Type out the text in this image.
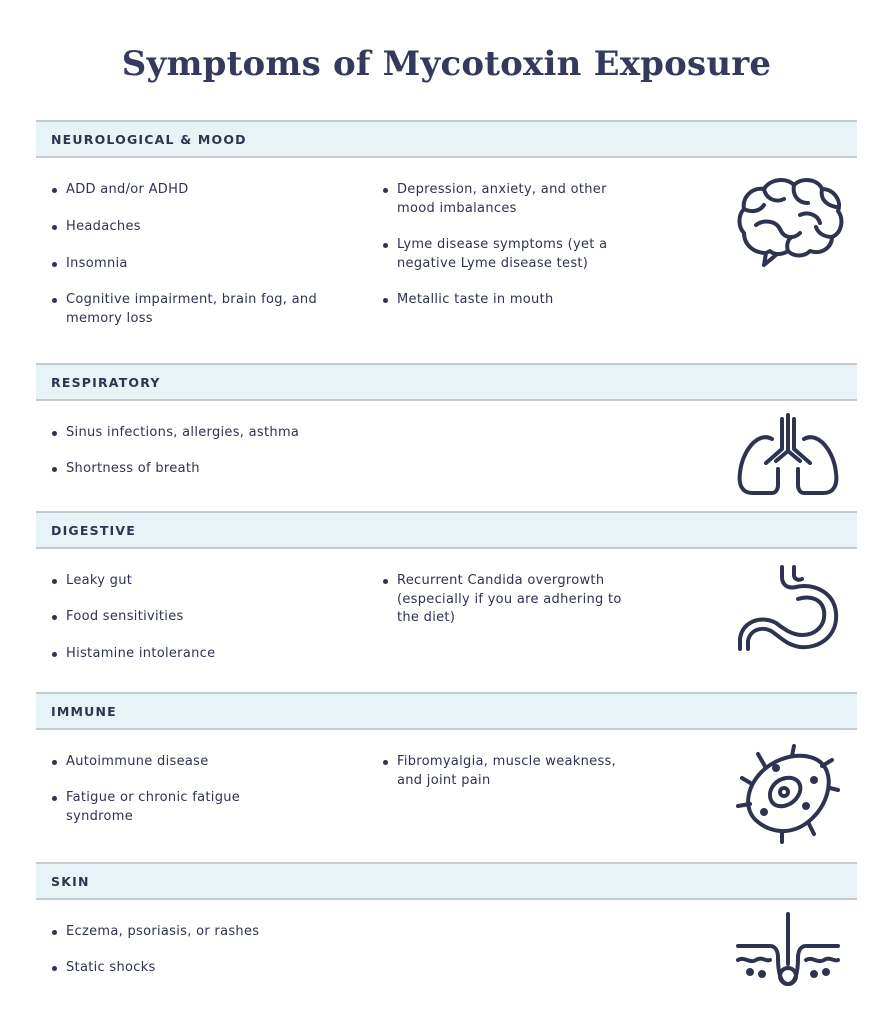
Symptoms of Mycotoxin Exposure
NEUROLOGICAL & MOOD
ADD and/or ADHD
Headaches
Insomnia
Cognitive impairment, brain fog, and memory loss
Depression, anxiety, and other mood imbalances
Lyme disease symptoms (yet a negative Lyme disease test)
Metallic taste in mouth
RESPIRATORY
Sinus infections, allergies, asthma
Shortness of breath
DIGESTIVE
Leaky gut
Food sensitivities
Histamine intolerance
Recurrent Candida overgrowth (especially if you are adhering to the diet)
IMMUNE
Autoimmune disease
Fatigue or chronic fatigue syndrome
Fibromyalgia, muscle weakness, and joint pain
SKIN
Eczema, psoriasis, or rashes
Static shocks
